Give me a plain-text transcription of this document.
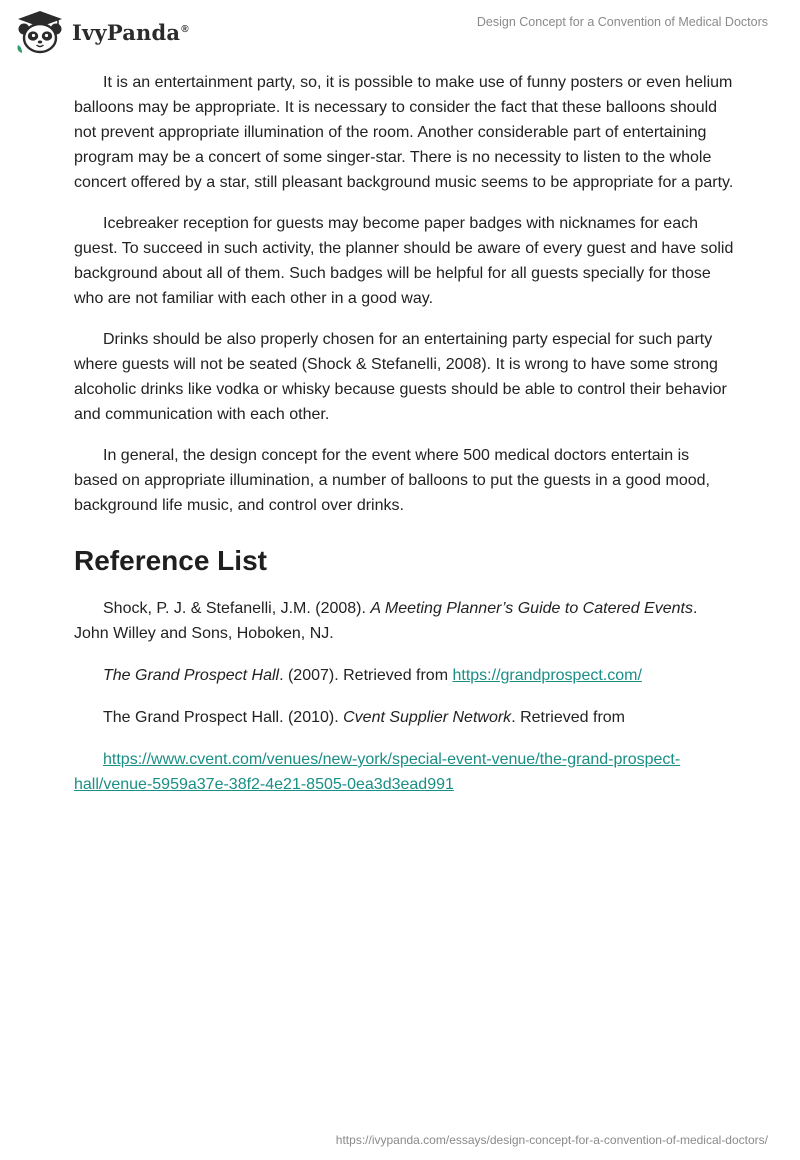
IvyPanda®	Design Concept for a Convention of Medical Doctors

It is an entertainment party, so, it is possible to make use of funny posters or even helium balloons may be appropriate. It is necessary to consider the fact that these balloons should not prevent appropriate illumination of the room. Another considerable part of entertaining program may be a concert of some singer-star. There is no necessity to listen to the whole concert offered by a star, still pleasant background music seems to be appropriate for a party.

Icebreaker reception for guests may become paper badges with nicknames for each guest. To succeed in such activity, the planner should be aware of every guest and have solid background about all of them. Such badges will be helpful for all guests specially for those who are not familiar with each other in a good way.

Drinks should be also properly chosen for an entertaining party especial for such party where guests will not be seated (Shock & Stefanelli, 2008). It is wrong to have some strong alcoholic drinks like vodka or whisky because guests should be able to control their behavior and communication with each other.

In general, the design concept for the event where 500 medical doctors entertain is based on appropriate illumination, a number of balloons to put the guests in a good mood, background life music, and control over drinks.

Reference List

Shock, P. J. & Stefanelli, J.M. (2008). A Meeting Planner’s Guide to Catered Events. John Willey and Sons, Hoboken, NJ.

The Grand Prospect Hall. (2007). Retrieved from https://grandprospect.com/

The Grand Prospect Hall. (2010). Cvent Supplier Network. Retrieved from

https://www.cvent.com/venues/new-york/special-event-venue/the-grand-prospect-hall/venue-5959a37e-38f2-4e21-8505-0ea3d3ead991

https://ivypanda.com/essays/design-concept-for-a-convention-of-medical-doctors/
